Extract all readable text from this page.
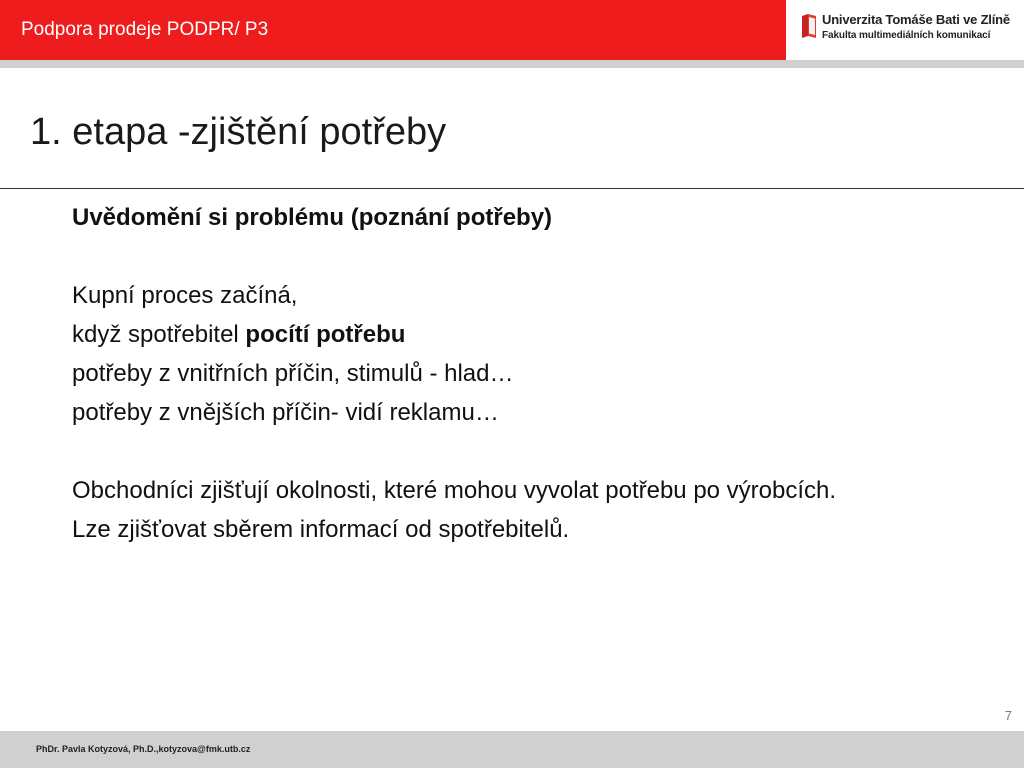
Podpora prodeje PODPR/ P3	Univerzita Tomáše Bati ve Zlíně
Fakulta multimediálních komunikací
1. etapa -zjištění potřeby
Uvědomění si problému (poznání potřeby)
Kupní proces začíná,
když spotřebitel pocítí potřebu
potřeby z vnitřních příčin, stimulů - hlad…
potřeby z vnějších příčin- vidí reklamu…
Obchodníci zjišťují okolnosti, které mohou vyvolat potřebu po výrobcích.
Lze zjišťovat sběrem informací od spotřebitelů.
7
PhDr. Pavla Kotyzová, Ph.D.,kotyzova@fmk.utb.cz
